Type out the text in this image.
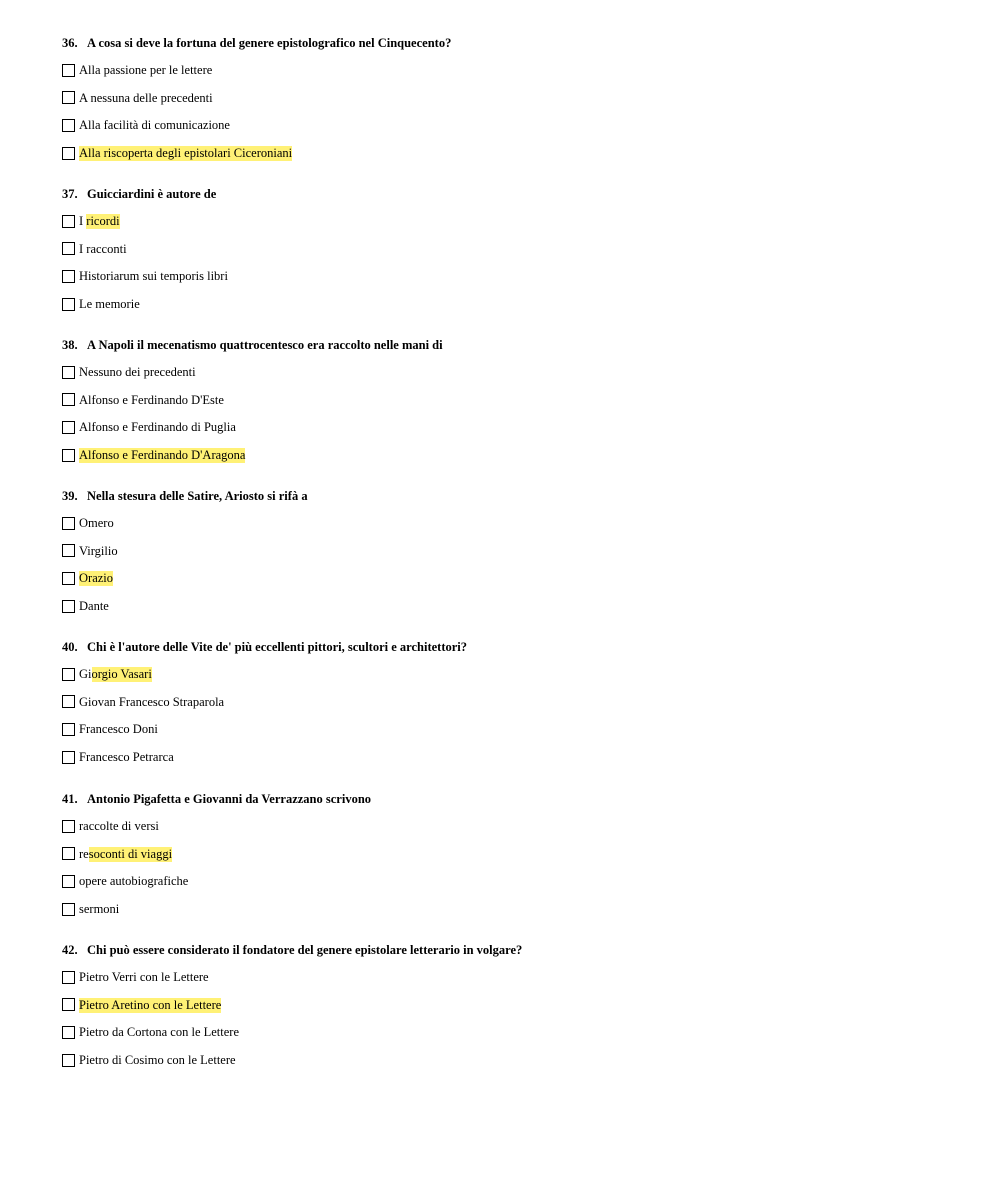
36. A cosa si deve la fortuna del genere epistolografico nel Cinquecento?
Alla passione per le lettere
A nessuna delle precedenti
Alla facilità di comunicazione
Alla riscoperta degli epistolari Ciceroniani
37. Guicciardini è autore de
I ricordi
I racconti
Historiarum sui temporis libri
Le memorie
38. A Napoli il mecenatismo quattrocentesco era raccolto nelle mani di
Nessuno dei precedenti
Alfonso e Ferdinando D'Este
Alfonso e Ferdinando di Puglia
Alfonso e Ferdinando D'Aragona
39. Nella stesura delle Satire, Ariosto si rifà a
Omero
Virgilio
Orazio
Dante
40. Chi è l'autore delle Vite de' più eccellenti pittori, scultori e architettori?
Giorgio Vasari
Giovan Francesco Straparola
Francesco Doni
Francesco Petrarca
41. Antonio Pigafetta e Giovanni da Verrazzano scrivono
raccolte di versi
resoconti di viaggi
opere autobiografiche
sermoni
42. Chi può essere considerato il fondatore del genere epistolare letterario in volgare?
Pietro Verri con le Lettere
Pietro Aretino con le Lettere
Pietro da Cortona con le Lettere
Pietro di Cosimo con le Lettere
